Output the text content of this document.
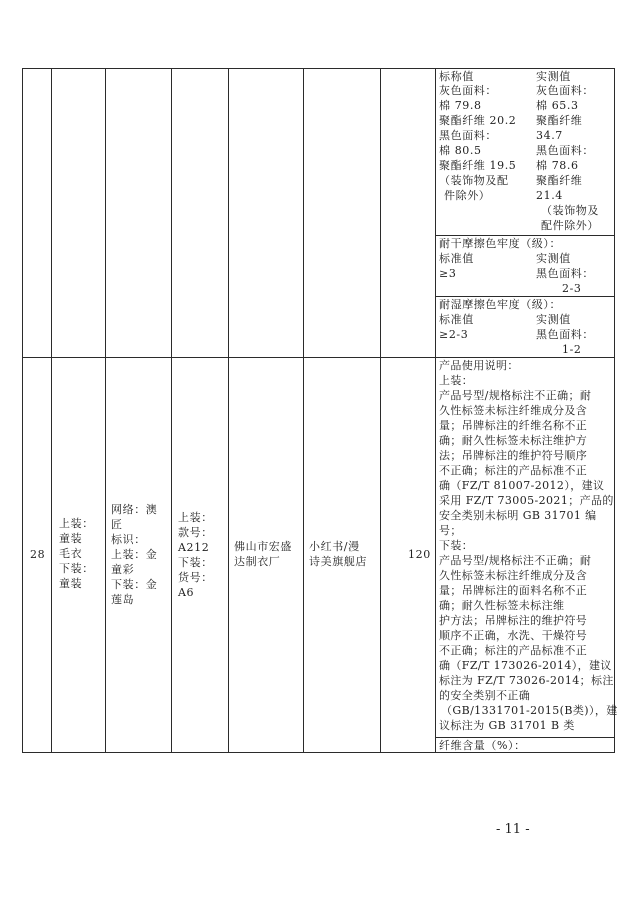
标称值	实测值
灰色面料：
棉 79.8
聚酯纤维 20.2
黑色面料：
棉 80.5
聚酯纤维 19.5
（装饰物及配
件除外）
灰色面料：
棉 65.3
聚酯纤维
34.7
黑色面料：
棉 78.6
聚酯纤维
21.4
（装饰物及
配件除外）
耐干摩擦色牢度（级）：
标准值
≥3
实测值
黑色面料：
2-3
耐湿摩擦色牢度（级）：
标准值
≥2-3
实测值
黑色面料：
1-2
28
上装：
童装
毛衣
下装：
童装
网络：澳
匠
标识：
上装：金
童彩
下装：金
莲岛
上装：
款号：
A212
下装：
货号：
A6
佛山市宏盛
达制衣厂
小红书/漫
诗美旗舰店
120
产品使用说明：
上装：
产品号型/规格标注不正确；耐
久性标签未标注纤维成分及含
量；吊牌标注的纤维名称不正
确；耐久性标签未标注维护方
法；吊牌标注的维护符号顺序
不正确；标注的产品标准不正
确（FZ/T 81007-2012），建议
采用 FZ/T 73005-2021；产品的
安全类别未标明 GB 31701 编
号；
下装：
产品号型/规格标注不正确；耐
久性标签未标注纤维成分及含
量；吊牌标注的面料名称不正
确；耐久性标签未标注维
护方法；吊牌标注的维护符号
顺序不正确，水洗、干燥符号
不正确；标注的产品标准不正
确（FZ/T 173026-2014），建议
标注为 FZ/T 73026-2014；标注
的安全类别不正确
（GB/1331701-2015(B类)），建
议标注为 GB 31701 B 类
纤维含量（%）：
- 11 -
